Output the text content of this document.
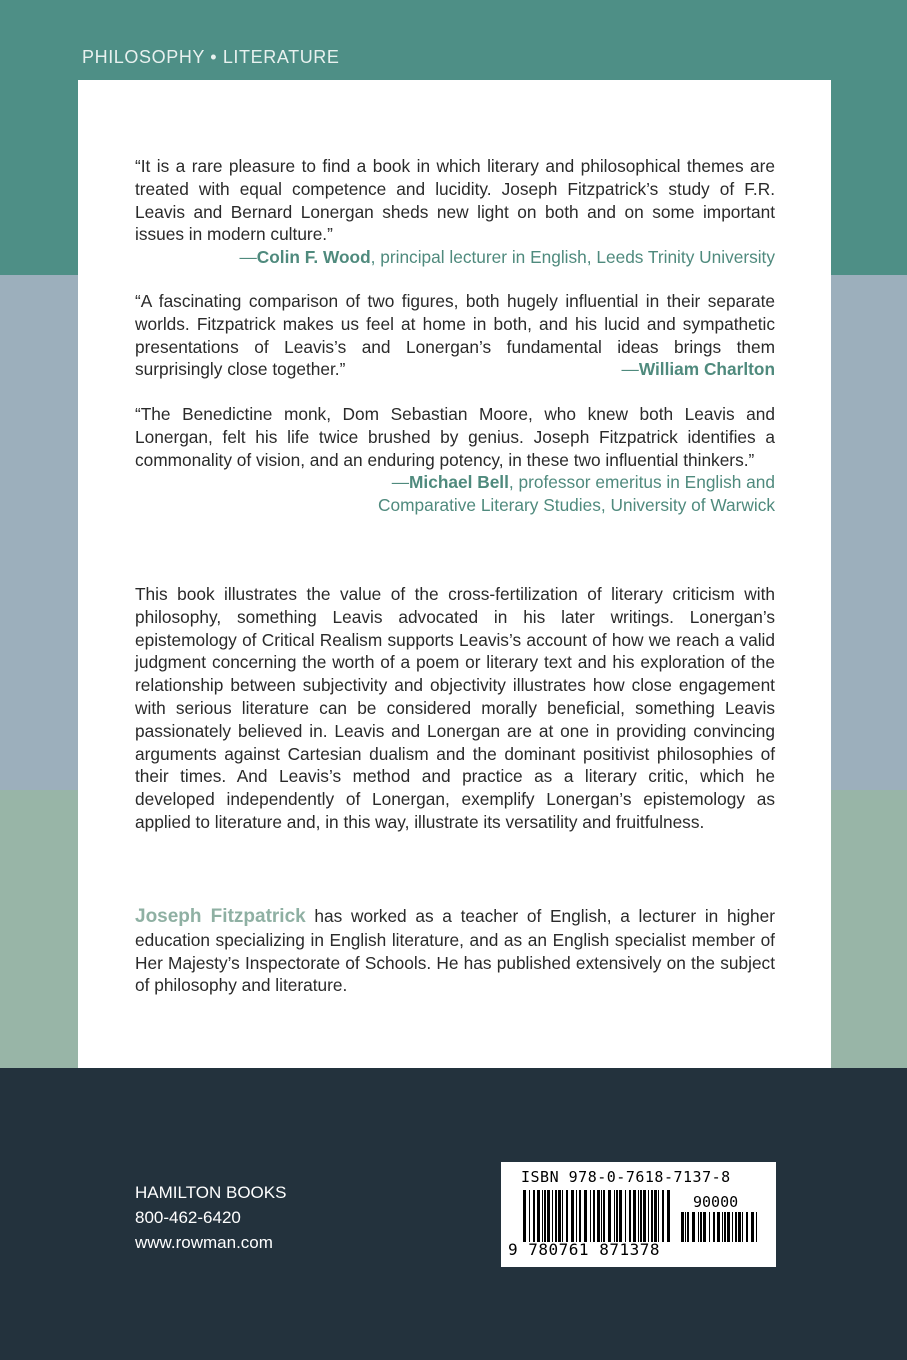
PHILOSOPHY • LITERATURE

“It is a rare pleasure to find a book in which literary and philosophical themes are treated with equal competence and lucidity. Joseph Fitzpatrick’s study of F.R. Leavis and Bernard Lonergan sheds new light on both and on some important issues in modern culture.”

—Colin F. Wood, principal lecturer in English, Leeds Trinity University

“A fascinating comparison of two figures, both hugely influential in their separate worlds. Fitzpatrick makes us feel at home in both, and his lucid and sympathetic presentations of Leavis’s and Lonergan’s fundamental ideas brings them surprisingly close together.”	—William Charlton

“The Benedictine monk, Dom Sebastian Moore, who knew both Leavis and Lonergan, felt his life twice brushed by genius. Joseph Fitzpatrick identifies a commonality of vision, and an enduring potency, in these two influential thinkers.”

—Michael Bell, professor emeritus in English and Comparative Literary Studies, University of Warwick

This book illustrates the value of the cross-fertilization of literary criticism with philosophy, something Leavis advocated in his later writings. Lonergan’s epistemology of Critical Realism supports Leavis’s account of how we reach a valid judgment concerning the worth of a poem or literary text and his exploration of the relationship between subjectivity and objectivity illustrates how close engagement with serious literature can be considered morally beneficial, something Leavis passionately believed in. Leavis and Lonergan are at one in providing convincing arguments against Cartesian dualism and the dominant positivist philosophies of their times. And Leavis’s method and practice as a literary critic, which he developed independently of Lonergan, exemplify Lonergan’s epistemology as applied to literature and, in this way, illustrate its versatility and fruitfulness.

Joseph Fitzpatrick has worked as a teacher of English, a lecturer in higher education specializing in English literature, and as an English specialist member of Her Majesty’s Inspectorate of Schools. He has published extensively on the subject of philosophy and literature.

HAMILTON BOOKS
800-462-6420
www.rowman.com
ISBN 978-0-7618-7137-8
90000
9 780761 871378
